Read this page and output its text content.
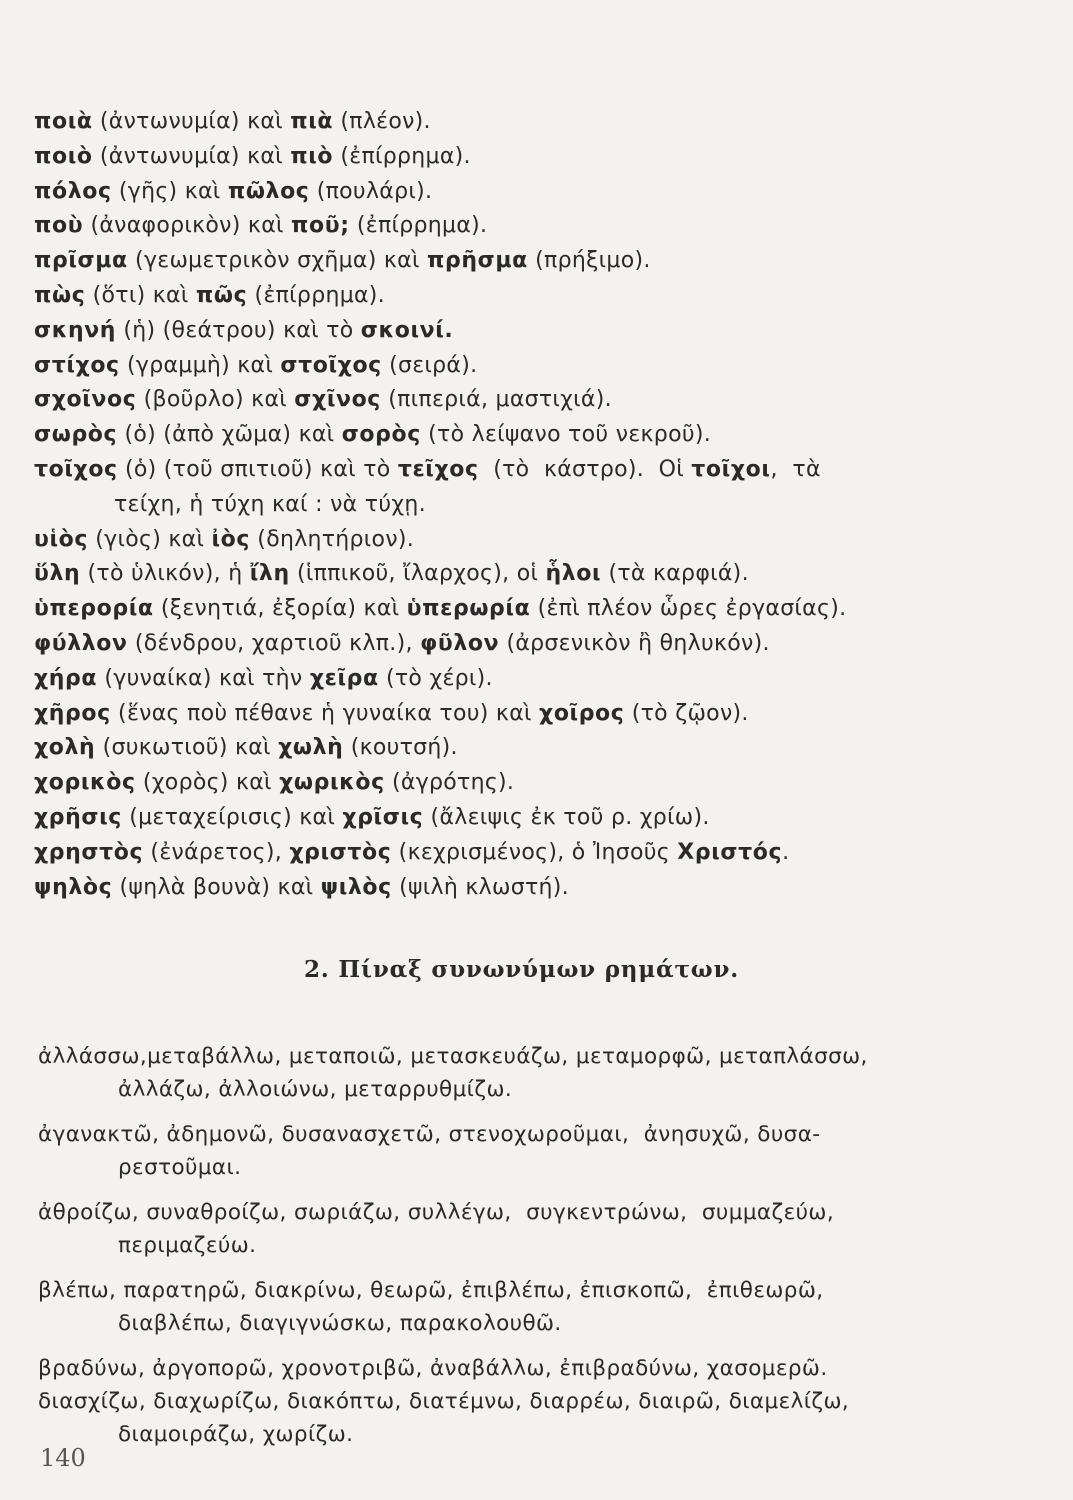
ποιὰ (ἀντωνυμία) καὶ πιὰ (πλέον).
ποιὸ (ἀντωνυμία) καὶ πιὸ (ἐπίρρημα).
πόλος (γῆς) καὶ πῶλος (πουλάρι).
ποὺ (ἀναφορικὸν) καὶ ποῦ; (ἐπίρρημα).
πρῖσμα (γεωμετρικὸν σχῆμα) καὶ πρῆσμα (πρήξιμο).
πὼς (ὅτι) καὶ πῶς (ἐπίρρημα).
σκηνή (ἡ) (θεάτρου) καὶ τὸ σκοινί.
στίχος (γραμμὴ) καὶ στοῖχος (σειρά).
σχοῖνος (βοῦρλο) καὶ σχῖνος (πιπεριά, μαστιχιά).
σωρὸς (ὁ) (ἀπὸ χῶμα) καὶ σορὸς (τὸ λείψανο τοῦ νεκροῦ).
τοῖχος (ὁ) (τοῦ σπιτιοῦ) καὶ τὸ τεῖχος  (τὸ  κάστρο).  Οἱ τοῖχοι,  τὰ
τείχη, ἡ τύχη καί : νὰ τύχῃ.
υἱὸς (γιὸς) καὶ ἰὸς (δηλητήριον).
ὕλη (τὸ ὑλικόν), ἡ ἴλη (ἱππικοῦ, ἴλαρχος), οἱ ἧλοι (τὰ καρφιά).
ὑπερορία (ξενητιά, ἐξορία) καὶ ὑπερωρία (ἐπὶ πλέον ὧρες ἐργασίας).
φύλλον (δένδρου, χαρτιοῦ κλπ.), φῦλον (ἀρσενικὸν ἢ θηλυκόν).
χήρα (γυναίκα) καὶ τὴν χεῖρα (τὸ χέρι).
χῆρος (ἕνας ποὺ πέθανε ἡ γυναίκα του) καὶ χοῖρος (τὸ ζῷον).
χολὴ (συκωτιοῦ) καὶ χωλὴ (κουτσή).
χορικὸς (χορὸς) καὶ χωρικὸς (ἀγρότης).
χρῆσις (μεταχείρισις) καὶ χρῖσις (ἄλειψις ἐκ τοῦ ρ. χρίω).
χρηστὸς (ἐνάρετος), χριστὸς (κεχρισμένος), ὁ Ἰησοῦς Χριστός.
ψηλὸς (ψηλὰ βουνὰ) καὶ ψιλὸς (ψιλὴ κλωστή).
2. Πίναξ συνωνύμων ρημάτων.
ἀλλάσσω,μεταβάλλω, μεταποιῶ, μετασκευάζω, μεταμορφῶ, μεταπλάσσω,
ἀλλάζω, ἀλλοιώνω, μεταρρυθμίζω.
ἀγανακτῶ, ἀδημονῶ, δυσανασχετῶ, στενοχωροῦμαι,  ἀνησυχῶ, δυσα-
ρεστοῦμαι.
ἀθροίζω, συναθροίζω, σωριάζω, συλλέγω,  συγκεντρώνω,  συμμαζεύω,
περιμαζεύω.
βλέπω, παρατηρῶ, διακρίνω, θεωρῶ, ἐπιβλέπω, ἐπισκοπῶ,  ἐπιθεωρῶ,
διαβλέπω, διαγιγνώσκω, παρακολουθῶ.
βραδύνω, ἀργοπορῶ, χρονοτριβῶ, ἀναβάλλω, ἐπιβραδύνω, χασομερῶ.
διασχίζω, διαχωρίζω, διακόπτω, διατέμνω, διαρρέω, διαιρῶ, διαμελίζω,
διαμοιράζω, χωρίζω.
140
